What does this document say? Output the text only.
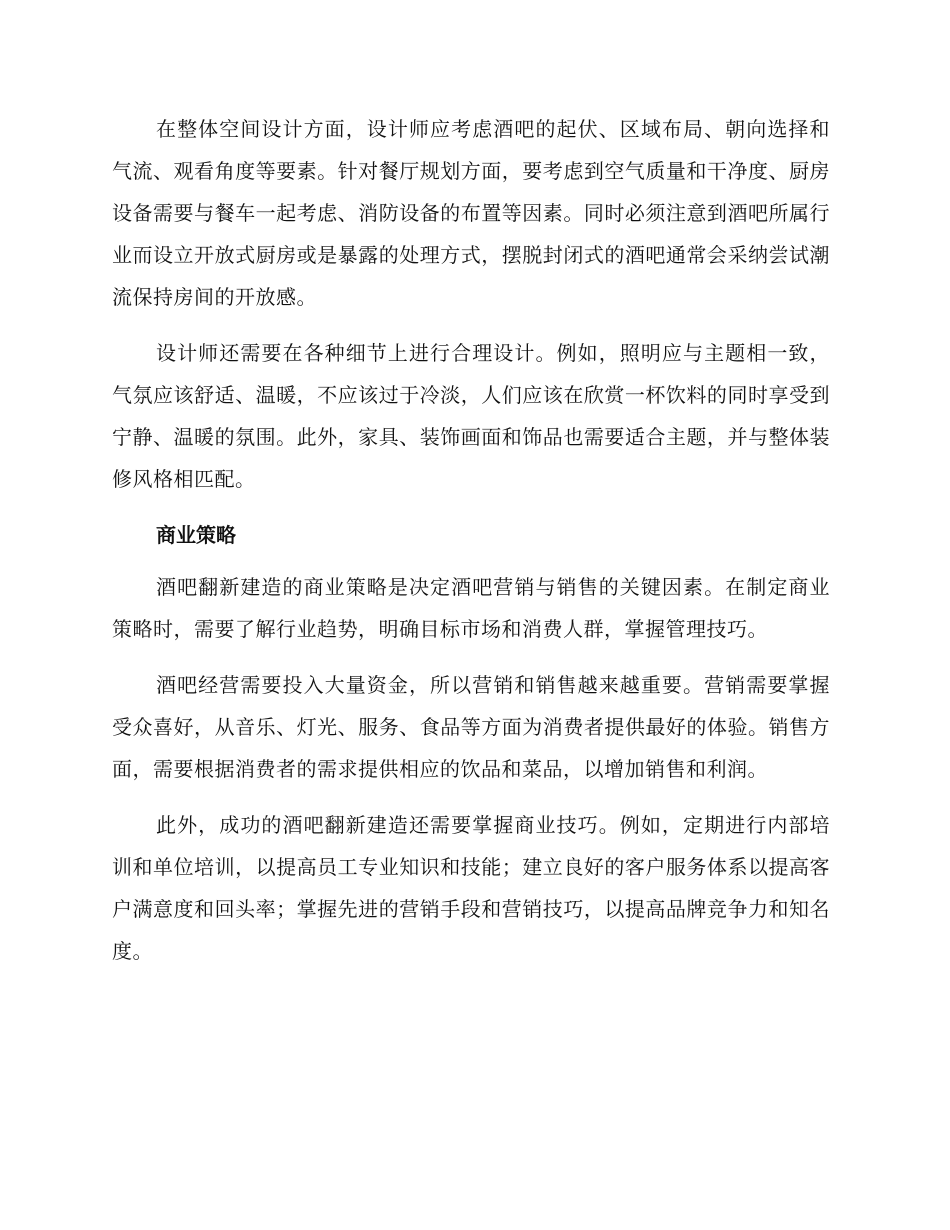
在整体空间设计方面，设计师应考虑酒吧的起伏、区域布局、朝向选择和气流、观看角度等要素。针对餐厅规划方面，要考虑到空气质量和干净度、厨房设备需要与餐车一起考虑、消防设备的布置等因素。同时必须注意到酒吧所属行业而设立开放式厨房或是暴露的处理方式，摆脱封闭式的酒吧通常会采纳尝试潮流保持房间的开放感。

设计师还需要在各种细节上进行合理设计。例如，照明应与主题相一致，气氛应该舒适、温暖，不应该过于冷淡，人们应该在欣赏一杯饮料的同时享受到宁静、温暖的氛围。此外，家具、装饰画面和饰品也需要适合主题，并与整体装修风格相匹配。

商业策略

酒吧翻新建造的商业策略是决定酒吧营销与销售的关键因素。在制定商业策略时，需要了解行业趋势，明确目标市场和消费人群，掌握管理技巧。

酒吧经营需要投入大量资金，所以营销和销售越来越重要。营销需要掌握受众喜好，从音乐、灯光、服务、食品等方面为消费者提供最好的体验。销售方面，需要根据消费者的需求提供相应的饮品和菜品，以增加销售和利润。

此外，成功的酒吧翻新建造还需要掌握商业技巧。例如，定期进行内部培训和单位培训，以提高员工专业知识和技能；建立良好的客户服务体系以提高客户满意度和回头率；掌握先进的营销手段和营销技巧，以提高品牌竞争力和知名度。
